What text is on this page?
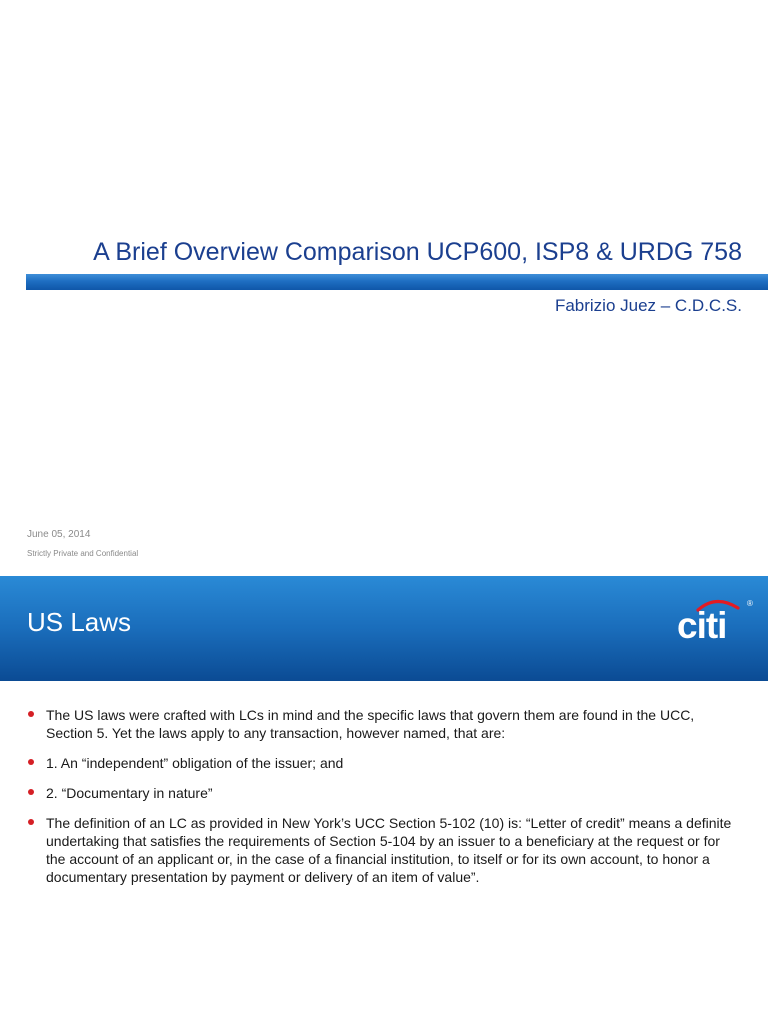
A Brief Overview Comparison UCP600, ISP8 & URDG 758
Fabrizio Juez – C.D.C.S.
June 05, 2014
Strictly Private and Confidential
US Laws	citi
®
The US laws were crafted with LCs in mind and the specific laws that govern them are found in the UCC, Section 5. Yet the laws apply to any transaction, however named, that are:
1. An “independent” obligation of the issuer; and
2. “Documentary in nature”
The definition of an LC as provided in New York’s UCC Section 5-102 (10) is: “Letter of credit” means a definite undertaking that satisfies the requirements of Section 5-104 by an issuer to a beneficiary at the request or for the account of an applicant or, in the case of a financial institution, to itself or for its own account, to honor a documentary presentation by payment or delivery of an item of value”.
